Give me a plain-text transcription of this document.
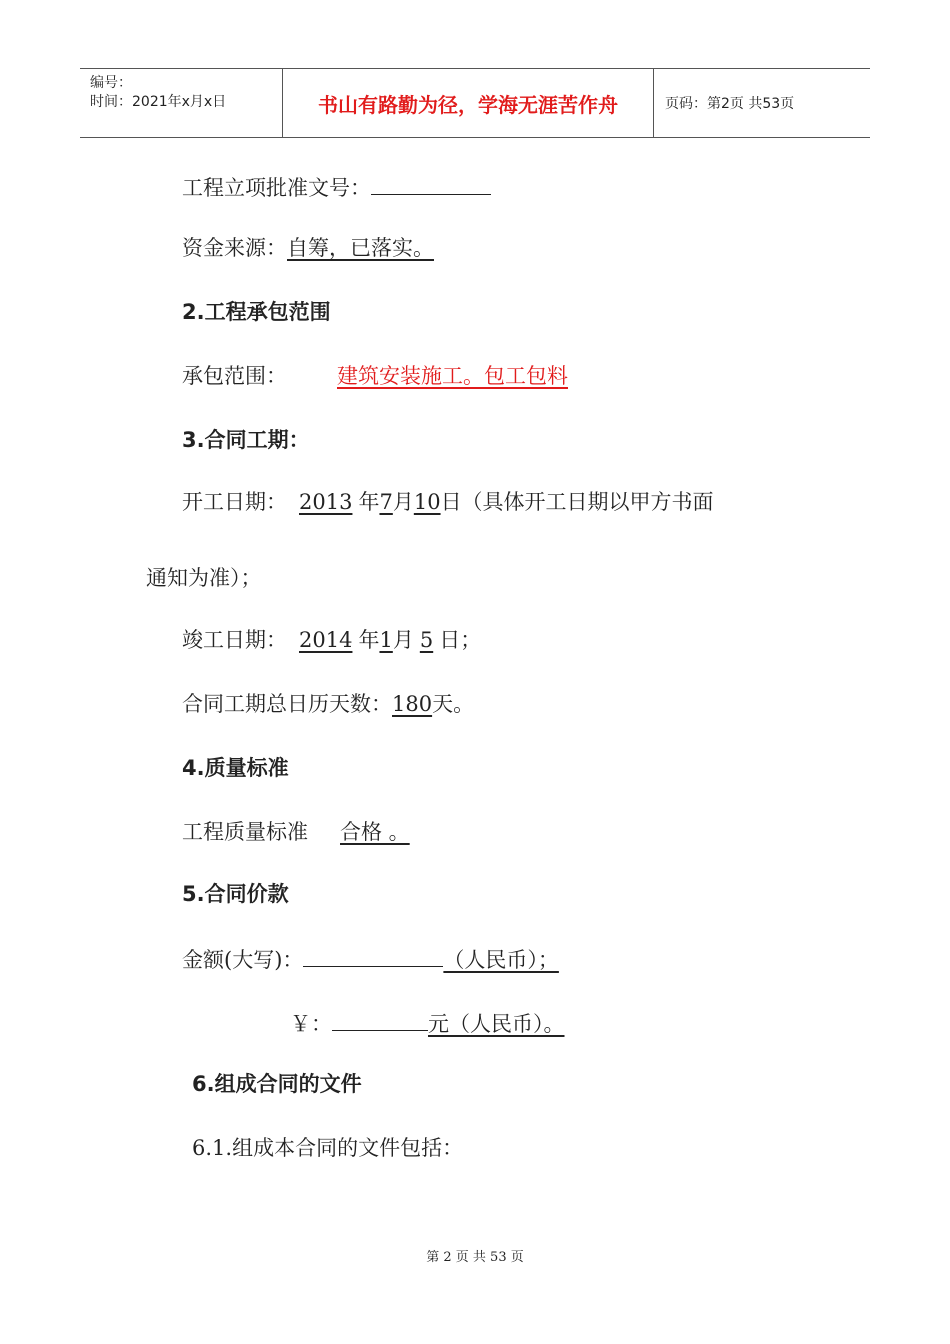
编号：
时间：2021年x月x日	书山有路勤为径，学海无涯苦作舟	页码：第2页 共53页
工程立项批准文号：
资金来源：自筹，已落实。
2.工程承包范围
承包范围： 建筑安装施工。包工包料
3.合同工期：
开工日期： 2013 年7月10日（具体开工日期以甲方书面
通知为准）；
竣工日期： 2014 年1月 5 日；
合同工期总日历天数：180天。
4.质量标准
工程质量标准 合格 。
5.合同价款
金额(大写)：	（人民币）；
￥：	元（人民币）。
6.组成合同的文件
6.1.组成本合同的文件包括：
第 2 页 共 53 页
